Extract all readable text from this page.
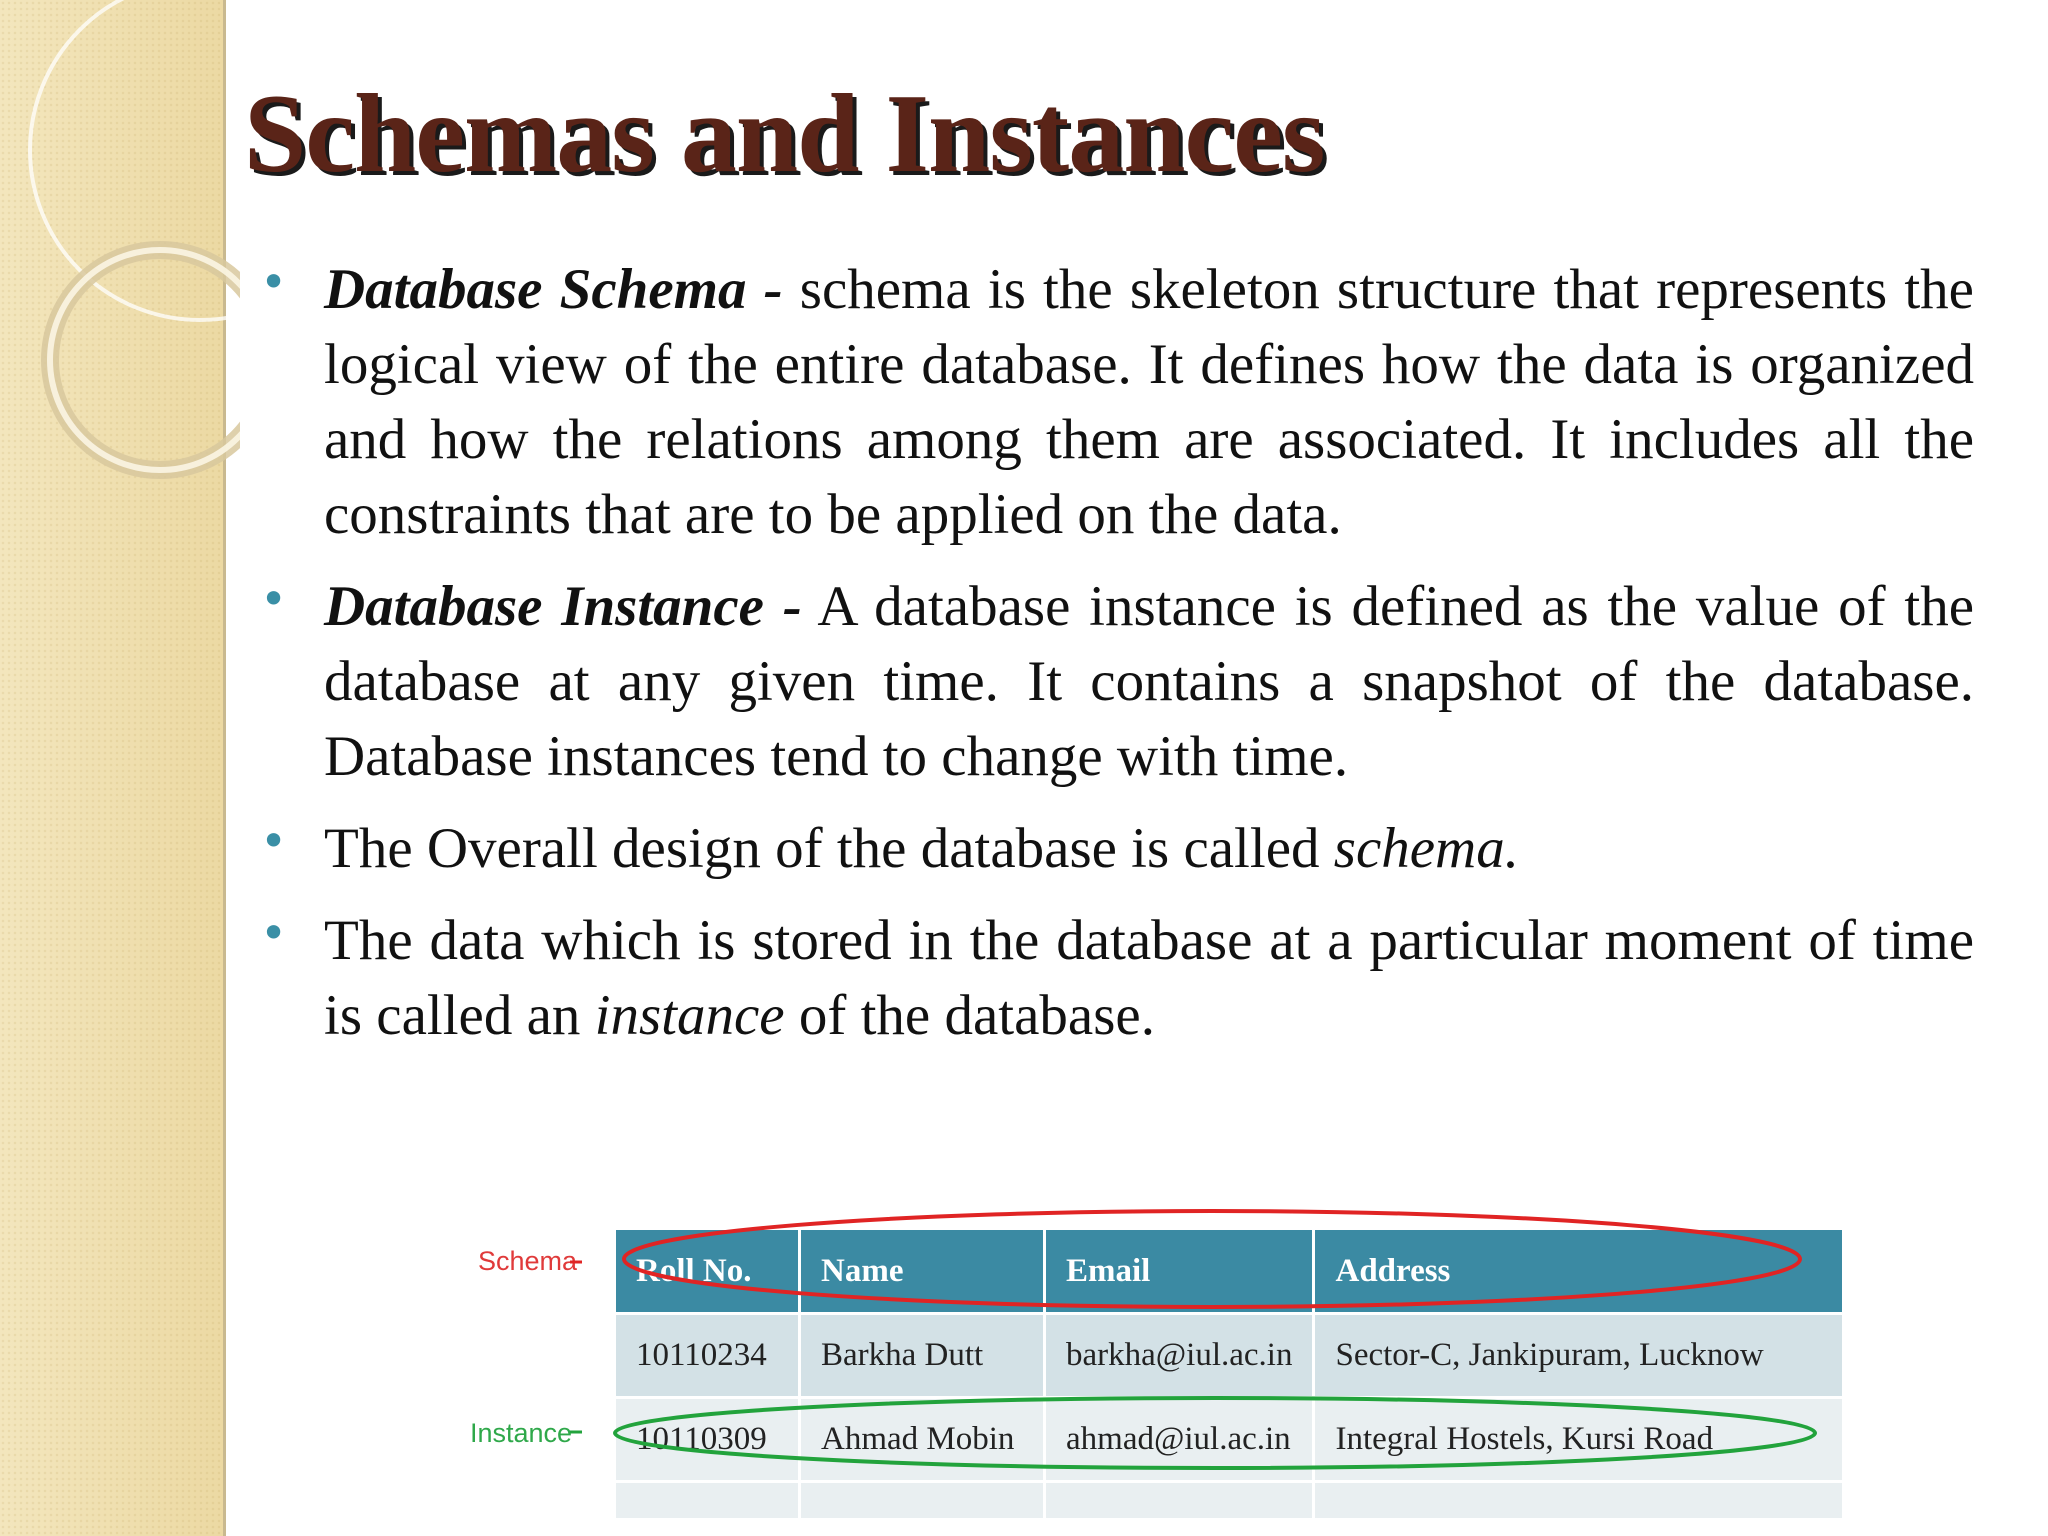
Schemas and Instances
• Database Schema - schema is the skeleton structure that represents the logical view of the entire database. It defines how the data is organized and how the relations among them are associated. It includes all the constraints that are to be applied on the data.
• Database Instance - A database instance is defined as the value of the database at any given time. It contains a snapshot of the database. Database instances tend to change with time.
• The Overall design of the database is called schema.
• The data which is stored in the database at a particular moment of time is called an instance of the database.
Schema
Instance
Roll No.	Name	Email	Address
10110234	Barkha Dutt	barkha@iul.ac.in	Sector-C, Jankipuram, Lucknow
10110309	Ahmad Mobin	ahmad@iul.ac.in	Integral Hostels, Kursi Road
